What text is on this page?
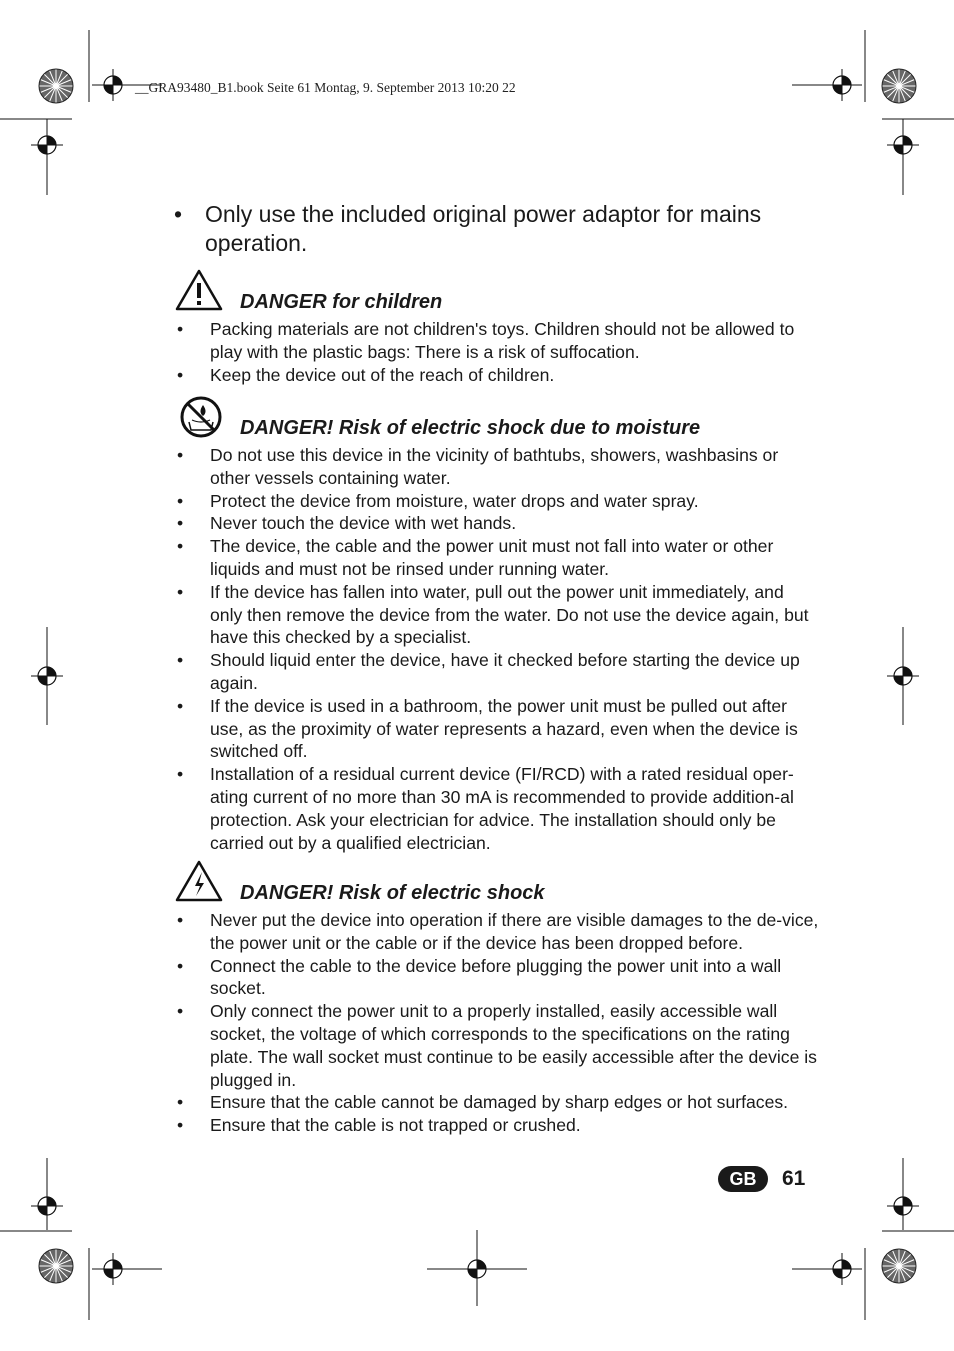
__GRA93480_B1.book Seite 61 Montag, 9. September 2013 10:20 22
• Only use the included original power adaptor for mains operation.
DANGER for children
• Packing materials are not children's toys. Children should not be allowed to play with the plastic bags: There is a risk of suffocation.
• Keep the device out of the reach of children.
DANGER! Risk of electric shock due to moisture
• Do not use this device in the vicinity of bathtubs, showers, washbasins or other vessels containing water.
• Protect the device from moisture, water drops and water spray.
• Never touch the device with wet hands.
• The device, the cable and the power unit must not fall into water or other liquids and must not be rinsed under running water.
• If the device has fallen into water, pull out the power unit immediately, and only then remove the device from the water. Do not use the device again, but have this checked by a specialist.
• Should liquid enter the device, have it checked before starting the device up again.
• If the device is used in a bathroom, the power unit must be pulled out after use, as the proximity of water represents a hazard, even when the device is switched off.
• Installation of a residual current device (FI/RCD) with a rated residual oper-ating current of no more than 30 mA is recommended to provide addition-al protection. Ask your electrician for advice. The installation should only be carried out by a qualified electrician.
DANGER! Risk of electric shock
• Never put the device into operation if there are visible damages to the de-vice, the power unit or the cable or if the device has been dropped before.
• Connect the cable to the device before plugging the power unit into a wall socket.
• Only connect the power unit to a properly installed, easily accessible wall socket, the voltage of which corresponds to the specifications on the rating plate. The wall socket must continue to be easily accessible after the device is plugged in.
• Ensure that the cable cannot be damaged by sharp edges or hot surfaces.
• Ensure that the cable is not trapped or crushed.
GB	61
